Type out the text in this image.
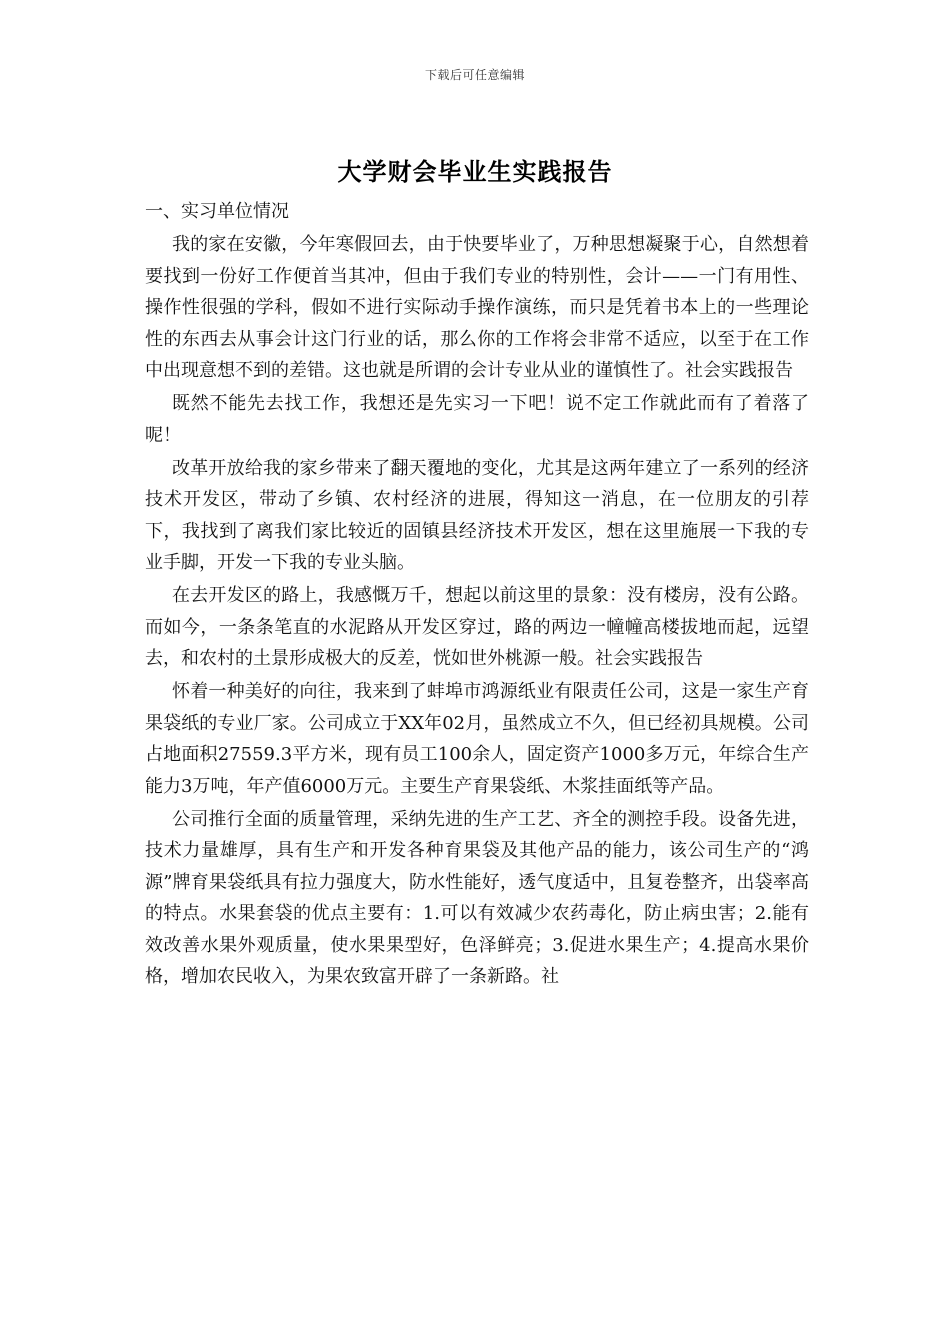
下载后可任意编辑
大学财会毕业生实践报告

一、实习单位情况

我的家在安徽，今年寒假回去，由于快要毕业了，万种思想凝聚于心，自然想着要找到一份好工作便首当其冲，但由于我们专业的特别性，会计——一门有用性、操作性很强的学科，假如不进行实际动手操作演练，而只是凭着书本上的一些理论性的东西去从事会计这门行业的话，那么你的工作将会非常不适应，以至于在工作中出现意想不到的差错。这也就是所谓的会计专业从业的谨慎性了。社会实践报告

既然不能先去找工作，我想还是先实习一下吧！说不定工作就此而有了着落了呢！

改革开放给我的家乡带来了翻天覆地的变化，尤其是这两年建立了一系列的经济技术开发区，带动了乡镇、农村经济的进展，得知这一消息，在一位朋友的引荐下，我找到了离我们家比较近的固镇县经济技术开发区，想在这里施展一下我的专业手脚，开发一下我的专业头脑。

在去开发区的路上，我感慨万千，想起以前这里的景象：没有楼房，没有公路。而如今，一条条笔直的水泥路从开发区穿过，路的两边一幢幢高楼拔地而起，远望去，和农村的土景形成极大的反差，恍如世外桃源一般。社会实践报告

怀着一种美好的向往，我来到了蚌埠市鸿源纸业有限责任公司，这是一家生产育果袋纸的专业厂家。公司成立于XX年02月，虽然成立不久，但已经初具规模。公司占地面积27559.3平方米，现有员工100余人，固定资产1000多万元，年综合生产能力3万吨，年产值6000万元。主要生产育果袋纸、木浆挂面纸等产品。

公司推行全面的质量管理，采纳先进的生产工艺、齐全的测控手段。设备先进，技术力量雄厚，具有生产和开发各种育果袋及其他产品的能力，该公司生产的“鸿源”牌育果袋纸具有拉力强度大，防水性能好，透气度适中，且复卷整齐，出袋率高的特点。水果套袋的优点主要有：1.可以有效减少农药毒化，防止病虫害；2.能有效改善水果外观质量，使水果果型好，色泽鲜亮；3.促进水果生产；4.提高水果价格，增加农民收入，为果农致富开辟了一条新路。社
